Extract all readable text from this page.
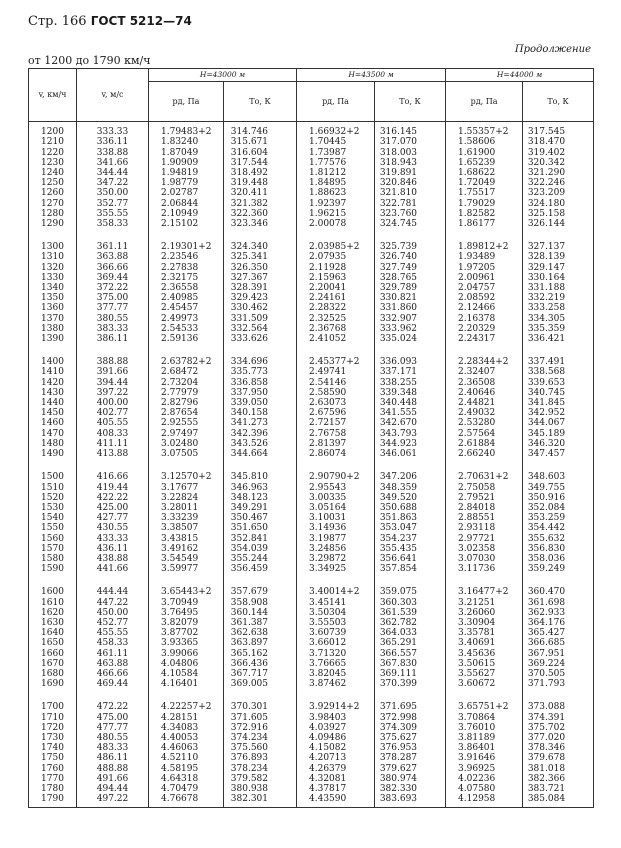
Стр. 166 ГОСТ 5212—74
Продолжение
от 1200 до 1790 км/ч
v, км/ч	v, м/с	H=43000 м		H=43500 м		H=44000 м	
		pд, Па	Tо, К	pд, Па	Tо, К	pд, Па	Tо, К
1200	333.33	1.79483+2	314.746	1.66932+2	316.145	1.55357+2	317.545
1210	336.11	1.83240	315.671	1.70445	317.070	1.58606	318.470
1220	338.88	1.87049	316.604	1.73987	318.003	1.61900	319.402
1230	341.66	1.90909	317.544	1.77576	318.943	1.65239	320.342
1240	344.44	1.94819	318.492	1.81212	319.891	1.68622	321.290
1250	347.22	1.98779	319.448	1.84895	320.846	1.72049	322.246
1260	350.00	2.02787	320.411	1.88623	321.810	1.75517	323.209
1270	352.77	2.06844	321.382	1.92397	322.781	1.79029	324.180
1280	355.55	2.10949	322.360	1.96215	323.760	1.82582	325.158
1290	358.33	2.15102	323.346	2.00078	324.745	1.86177	326.144

1300	361.11	2.19301+2	324.340	2.03985+2	325.739	1.89812+2	327.137
1310	363.88	2.23546	325.341	2.07935	326.740	1.93489	328.139
1320	366.66	2.27838	326.350	2.11928	327.749	1.97205	329.147
1330	369.44	2.32175	327.367	2.15963	328.765	2.00961	330.164
1340	372.22	2.36558	328.391	2.20041	329.789	2.04757	331.188
1350	375.00	2.40985	329.423	2.24161	330.821	2.08592	332.219
1360	377.77	2.45457	330.462	2.28322	331.860	2.12466	333.258
1370	380.55	2.49973	331.509	2.32525	332.907	2.16378	334.305
1380	383.33	2.54533	332.564	2.36768	333.962	2.20329	335.359
1390	386.11	2.59136	333.626	2.41052	335.024	2.24317	336.421

1400	388.88	2.63782+2	334.696	2.45377+2	336.093	2.28344+2	337.491
1410	391.66	2.68472	335.773	2.49741	337.171	2.32407	338.568
1420	394.44	2.73204	336.858	2.54146	338.255	2.36508	339.653
1430	397.22	2.77979	337.950	2.58590	339.348	2.40646	340.745
1440	400.00	2.82796	339.050	2.63073	340.448	2.44821	341.845
1450	402.77	2.87654	340.158	2.67596	341.555	2.49032	342.952
1460	405.55	2.92555	341.273	2.72157	342.670	2.53280	344.067
1470	408.33	2.97497	342.396	2.76758	343.793	2.57564	345.189
1480	411.11	3.02480	343.526	2.81397	344.923	2.61884	346.320
1490	413.88	3.07505	344.664	2.86074	346.061	2.66240	347.457

1500	416.66	3.12570+2	345.810	2.90790+2	347.206	2.70631+2	348.603
1510	419.44	3.17677	346.963	2.95543	348.359	2.75058	349.755
1520	422.22	3.22824	348.123	3.00335	349.520	2.79521	350.916
1530	425.00	3.28011	349.291	3.05164	350.688	2.84018	352.084
1540	427.77	3.33239	350.467	3.10031	351.863	2.88551	353.259
1550	430.55	3.38507	351.650	3.14936	353.047	2.93118	354.442
1560	433.33	3.43815	352.841	3.19877	354.237	2.97721	355.632
1570	436.11	3.49162	354.039	3.24856	355.435	3.02358	356.830
1580	438.88	3.54549	355.244	3.29872	356.641	3.07030	358.036
1590	441.66	3.59977	356.459	3.34925	357.854	3.11736	359.249

1600	444.44	3.65443+2	357.679	3.40014+2	359.075	3.16477+2	360.470
1610	447.22	3.70949	358.908	3.45141	360.303	3.21251	361.698
1620	450.00	3.76495	360.144	3.50304	361.539	3.26060	362.933
1630	452.77	3.82079	361.387	3.55503	362.782	3.30904	364.176
1640	455.55	3.87702	362.638	3.60739	364.033	3.35781	365.427
1650	458.33	3.93365	363.897	3.66012	365.291	3.40691	366.685
1660	461.11	3.99066	365.162	3.71320	366.557	3.45636	367.951
1670	463.88	4.04806	366.436	3.76665	367.830	3.50615	369.224
1680	466.66	4.10584	367.717	3.82045	369.111	3.55627	370.505
1690	469.44	4.16401	369.005	3.87462	370.399	3.60672	371.793

1700	472.22	4.22257+2	370.301	3.92914+2	371.695	3.65751+2	373.088
1710	475.00	4.28151	371.605	3.98403	372.998	3.70864	374.391
1720	477.77	4.34083	372.916	4.03927	374.309	3.76010	375.702
1730	480.55	4.40053	374.234	4.09486	375.627	3.81189	377.020
1740	483.33	4.46063	375.560	4.15082	376.953	3.86401	378.346
1750	486.11	4.52110	376.893	4.20713	378.287	3.91646	379.678
1760	488.88	4.58195	378.234	4.26379	379.627	3.96925	381.018
1770	491.66	4.64318	379.582	4.32081	380.974	4.02236	382.366
1780	494.44	4.70479	380.938	4.37817	382.330	4.07580	383.721
1790	497.22	4.76678	382.301	4.43590	383.693	4.12958	385.084
